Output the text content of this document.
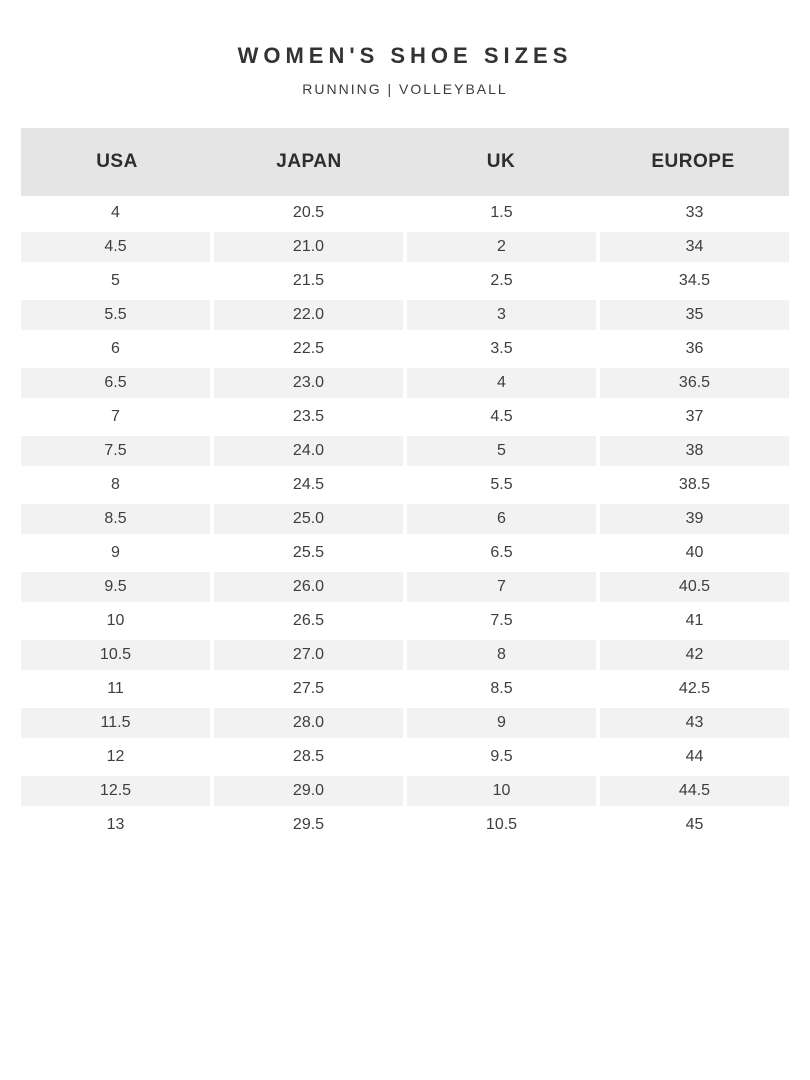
WOMEN'S SHOE SIZES
RUNNING | VOLLEYBALL
USA	JAPAN	UK	EUROPE
4	20.5	1.5	33
4.5	21.0	2	34
5	21.5	2.5	34.5
5.5	22.0	3	35
6	22.5	3.5	36
6.5	23.0	4	36.5
7	23.5	4.5	37
7.5	24.0	5	38
8	24.5	5.5	38.5
8.5	25.0	6	39
9	25.5	6.5	40
9.5	26.0	7	40.5
10	26.5	7.5	41
10.5	27.0	8	42
11	27.5	8.5	42.5
11.5	28.0	9	43
12	28.5	9.5	44
12.5	29.0	10	44.5
13	29.5	10.5	45
